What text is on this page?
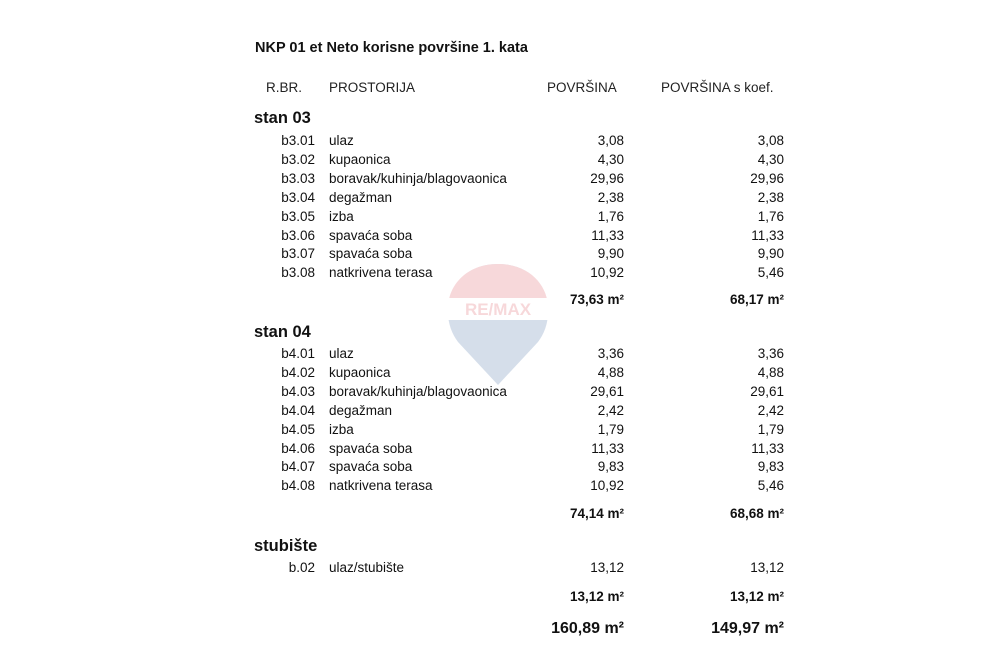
NKP 01 et Neto korisne površine 1. kata
R.BR. PROSTORIJA	POVRŠINA	POVRŠINA s koef.
RE/MAX
stan 03
b3.01 ulaz	3,08	3,08
b3.02 kupaonica	4,30	4,30
b3.03 boravak/kuhinja/blagovaonica	29,96	29,96
b3.04 degažman	2,38	2,38
b3.05 izba	1,76	1,76
b3.06 spavaća soba	11,33	11,33
b3.07 spavaća soba	9,90	9,90
b3.08 natkrivena terasa	10,92	5,46
73,63 m²	68,17 m²
stan 04
b4.01 ulaz	3,36	3,36
b4.02 kupaonica	4,88	4,88
b4.03 boravak/kuhinja/blagovaonica	29,61	29,61
b4.04 degažman	2,42	2,42
b4.05 izba	1,79	1,79
b4.06 spavaća soba	11,33	11,33
b4.07 spavaća soba	9,83	9,83
b4.08 natkrivena terasa	10,92	5,46
74,14 m²	68,68 m²
stubište
b.02 ulaz/stubište	13,12	13,12
13,12 m²	13,12 m²
160,89 m²	149,97 m²
